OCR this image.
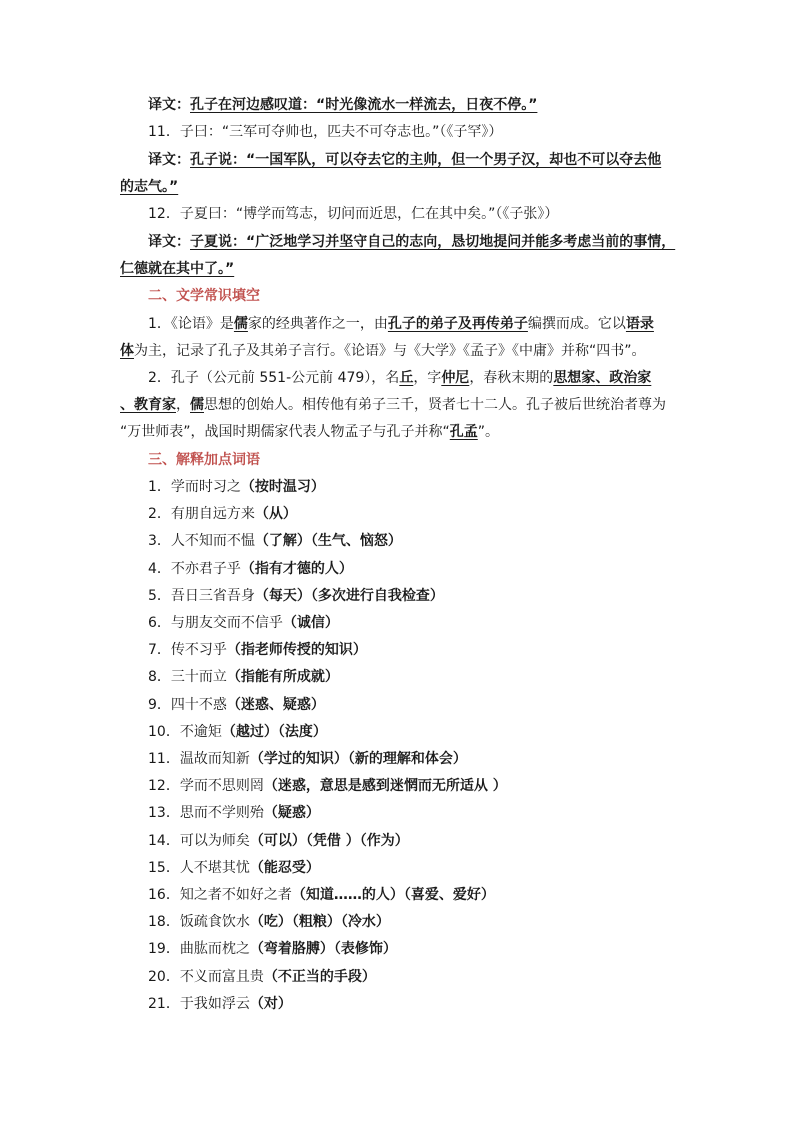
译文：孔子在河边感叹道：“时光像流水一样流去，日夜不停。”
11．子曰：“三军可夺帅也，匹夫不可夺志也。”（《子罕》）
译文：孔子说：“一国军队，可以夺去它的主帅，但一个男子汉，却也不可以夺去他
的志气。”
12．子夏曰：“博学而笃志，切问而近思，仁在其中矣。”（《子张》）
译文：子夏说：“广泛地学习并坚守自己的志向，恳切地提问并能多考虑当前的事情，
仁德就在其中了。”
二、文学常识填空
1．《论语》是儒家的经典著作之一，由孔子的弟子及再传弟子编撰而成。它以语录
体为主，记录了孔子及其弟子言行。《论语》与《大学》《孟子》《中庸》并称“四书”。
2．孔子（公元前 551-公元前 479），名丘，字仲尼，春秋末期的思想家、政治家
、教育家，儒思想的创始人。相传他有弟子三千，贤者七十二人。孔子被后世统治者尊为
“万世师表”，战国时期儒家代表人物孟子与孔子并称“孔孟”。
三、解释加点词语
1．学而时习之（按时温习）
2．有朋自远方来（从）
3．人不知而不愠（了解）（生气、恼怒）
4．不亦君子乎（指有才德的人）
5．吾日三省吾身（每天）（多次进行自我检查）
6．与朋友交而不信乎（诚信）
7．传不习乎（指老师传授的知识）
8．三十而立（指能有所成就）
9．四十不惑（迷惑、疑惑）
10．不逾矩（越过）（法度）
11．温故而知新（学过的知识）（新的理解和体会）
12．学而不思则罔（迷惑，意思是感到迷惘而无所适从 ）
13．思而不学则殆（疑惑）
14．可以为师矣（可以）（凭借 ）（作为）
15．人不堪其忧（能忍受）
16．知之者不如好之者（知道……的人）（喜爱、爱好）
18．饭疏食饮水（吃）（粗粮）（冷水）
19．曲肱而枕之（弯着胳膊）（表修饰）
20．不义而富且贵（不正当的手段）
21．于我如浮云（对）
